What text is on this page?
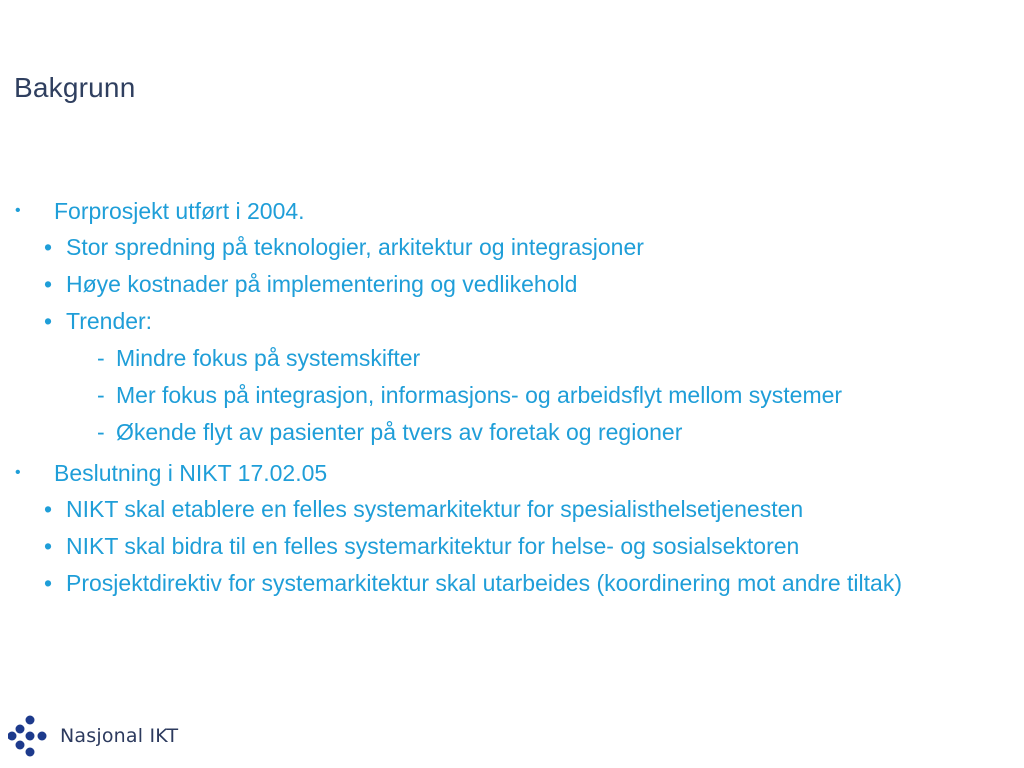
Bakgrunn
• Forprosjekt utført i 2004.
• Stor spredning på teknologier, arkitektur og integrasjoner
• Høye kostnader på implementering og vedlikehold
• Trender:
- Mindre fokus på systemskifter
- Mer fokus på integrasjon, informasjons- og arbeidsflyt mellom systemer
- Økende flyt av pasienter på tvers av foretak og regioner
• Beslutning i NIKT 17.02.05
• NIKT skal etablere en felles systemarkitektur for spesialisthelsetjenesten
• NIKT skal bidra til en felles systemarkitektur for helse- og sosialsektoren
• Prosjektdirektiv for systemarkitektur skal utarbeides (koordinering mot andre tiltak)
Nasjonal IKT
